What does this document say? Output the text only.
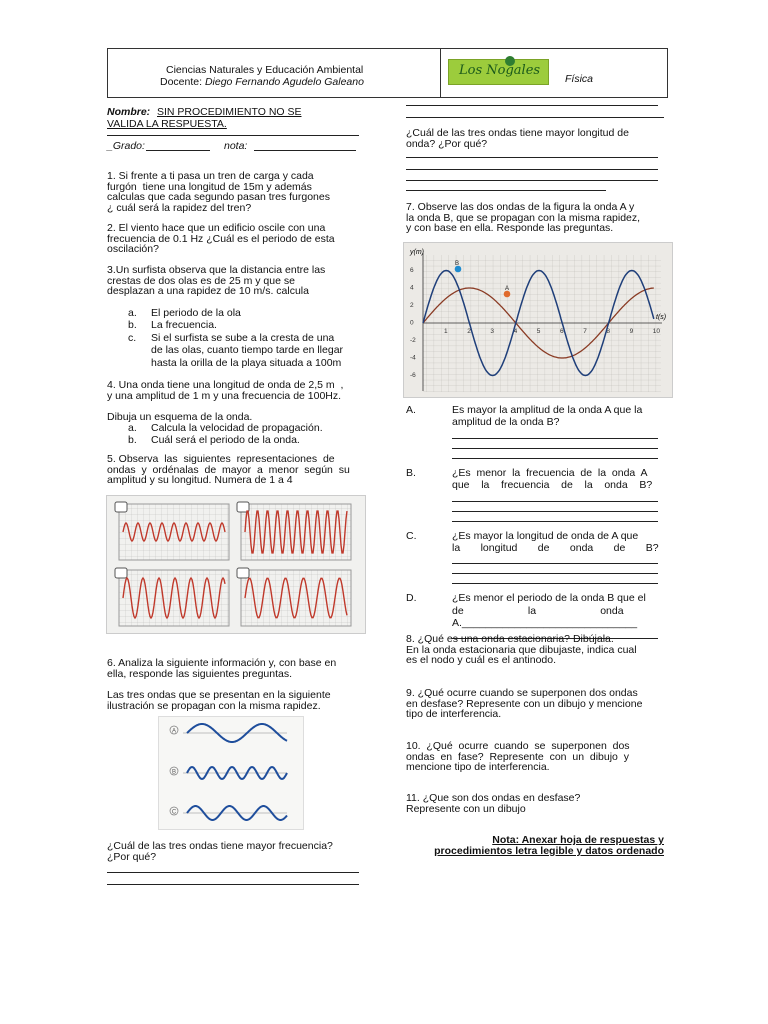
Ciencias Naturales y Educación Ambiental
Docente: Diego Fernando Agudelo Galeano
Los Nogales
Física
Nombre: SIN PROCEDIMIENTO NO SE
VALIDA LA RESPUESTA.
_Grado:	nota:
1. Si frente a ti pasa un tren de carga y cada
furgón  tiene una longitud de 15m y además
calculas que cada segundo pasan tres furgones
¿ cuál será la rapidez del tren?
2. El viento hace que un edificio oscile con una
frecuencia de 0.1 Hz ¿Cuál es el periodo de esta
oscilación?
3.Un surfista observa que la distancia entre las
crestas de dos olas es de 25 m y que se
desplazan a una rapidez de 10 m/s. calcula
a. El periodo de la ola
b. La frecuencia.
c. Si el surfista se sube a la cresta de una
de las olas, cuanto tiempo tarde en llegar
hasta la orilla de la playa situada a 100m
4. Una onda tiene una longitud de onda de 2,5 m  ,
y una amplitud de 1 m y una frecuencia de 100Hz.
Dibuja un esquema de la onda.
a. Calcula la velocidad de propagación.
b. Cuál será el periodo de la onda.
5. Observa  las  siguientes  representaciones  de
ondas  y  ordénalas  de  mayor  a  menor  según  su
amplitud y su longitud. Numera de 1 a 4
6. Analiza la siguiente información y, con base en
ella, responde las siguientes preguntas.
Las tres ondas que se presentan en la siguiente
ilustración se propagan con la misma rapidez.
A
B
C
¿Cuál de las tres ondas tiene mayor frecuencia?
¿Por qué?
¿Cuál de las tres ondas tiene mayor longitud de
onda? ¿Por qué?
7. Observe las dos ondas de la figura la onda A y
la onda B, que se propagan con la misma rapidez,
y con base en ella. Responde las preguntas.
y(m)
t(s)
6
4
2
0
-2
-4
-6
1	2	3	4	5	6	7	8	9	10
B
A
A.	Es mayor la amplitud de la onda A que la
amplitud de la onda B?
B.	¿Es  menor  la  frecuencia  de  la  onda  A
que    la    frecuencia    de    la    onda    B?
C.	¿Es mayor la longitud de onda de A que
la       longitud       de       onda       de       B?
D.	¿Es menor el periodo de la onda B que el
de                      la                      onda
A.______________________________
8. ¿Qué es una onda estacionaria? Dibújala.
En la onda estacionaria que dibujaste, indica cual
es el nodo y cuál es el antinodo.
9. ¿Qué ocurre cuando se superponen dos ondas
en desfase? Represente con un dibujo y mencione
tipo de interferencia.
10.  ¿Qué  ocurre  cuando  se  superponen  dos
ondas  en  fase?  Represente  con  un  dibujo  y
mencione tipo de interferencia.
11. ¿Que son dos ondas en desfase?
Represente con un dibujo
Nota: Anexar hoja de respuestas y
procedimientos letra legible y datos ordenado
